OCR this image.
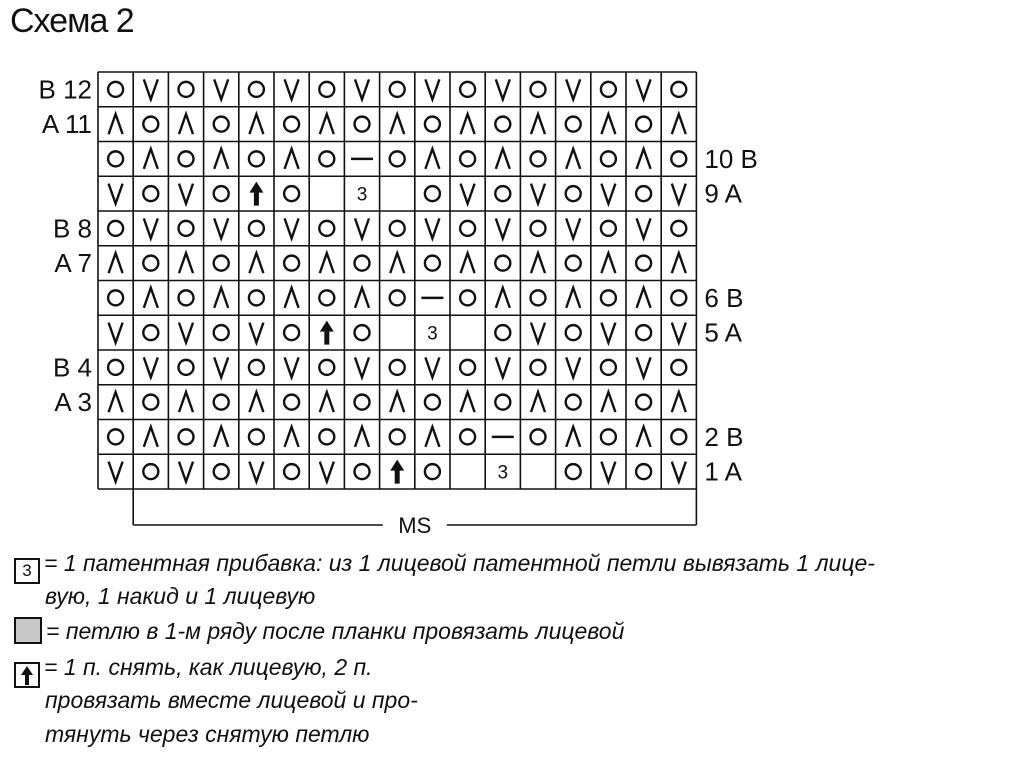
Схема 2
B 12
A 11
10 B
3	9 A
B 8
A 7
6 B
3	5 A
B 4
A 3
2 B
3	1 A
MS
3 = 1 патентная прибавка: из 1 лицевой патентной петли вывязать 1 лице-
вую, 1 накид и 1 лицевую
= петлю в 1-м ряду после планки провязать лицевой
= 1 п. снять, как лицевую, 2 п.
провязать вместе лицевой и про-
тянуть через снятую петлю
